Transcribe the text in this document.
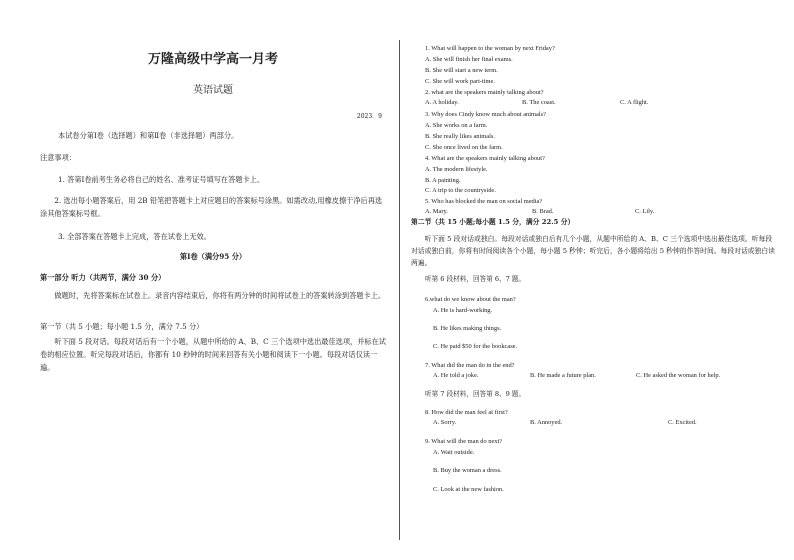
万隆高级中学高一月考
英语试题
2023．9
本试卷分第Ⅰ卷（选择题）和第Ⅱ卷（非选择题）两部分。
注意事项：
1. 答第Ⅰ卷前考生务必将自己的姓名、准考证号填写在答题卡上。
2. 选出每小题答案后，用 2B 铅笔把答题卡上对应题目的答案标号涂黑。如需改动,用橡皮擦干净后再选涂其他答案标号框。
3. 全部答案在答题卡上完成，答在试卷上无效。
第Ⅰ卷（满分95 分）
第一部分 听力（共两节，满分 30 分）
做题时，先将答案标在试卷上。录音内容结束后，你将有两分钟的时间将试卷上的答案转涂到答题卡上。
第一节（共 5 小题；每小题 1.5 分，满分 7.5 分）
听下面 5 段对话。每段对话后有一个小题，从题中所给的 A、B、C 三个选项中选出最佳选项，并标在试卷的相应位置。听完每段对话后，你都有 10 秒钟的时间来回答有关小题和阅读下一小题。每段对话仅读一遍。
1. What will happen to the woman by next Friday?
A. She will finish her final exams.
B. She will start a new term.
C. She will work part-time.
2. what are the speakers mainly talking about?
A. A holiday.	B. The coast.	C. A flight.
3. Why does Cindy know much about animals?
A. She works on a farm.
B. She really likes animals.
C. She once lived on the farm.
4. What are the speakers mainly talking about?
A. The modern lifestyle.
B. A painting.
C. A trip to the countryside.
5. Who has blocked the man on social media?
A. Mary.	B. Brad.	C. Lily.
第二节（共 15 小题;每小题 1.5 分，满分 22.5 分）
听下面 5 段对话或独白。每段对话或独白后有几个小题，从题中所给的 A、B、C 三个选项中选出最佳选项。听每段对话或独白前，你将有时间阅读各个小题，每小题 5 秒钟；听完后，各小题将给出 5 秒钟的作答时间。每段对话或独白读两遍。
听第 6 段材料，回答第 6、7 题。
6.what do we know about the man?
A. He is hard-working.
B. He likes making things.
C. He paid $50 for the bookcase.
7. What did the man do in the end?
A. He told a joke.	B. He made a future plan.	C. He asked the woman for help.
听第 7 段材料，回答第 8、9 题。
8. How did the man feel at first?
A. Sorry.	B. Annoyed.	C. Excited.
9. What will the man do next?
A. Wait outside.
B. Buy the woman a dress.
C. Look at the new fashion.
